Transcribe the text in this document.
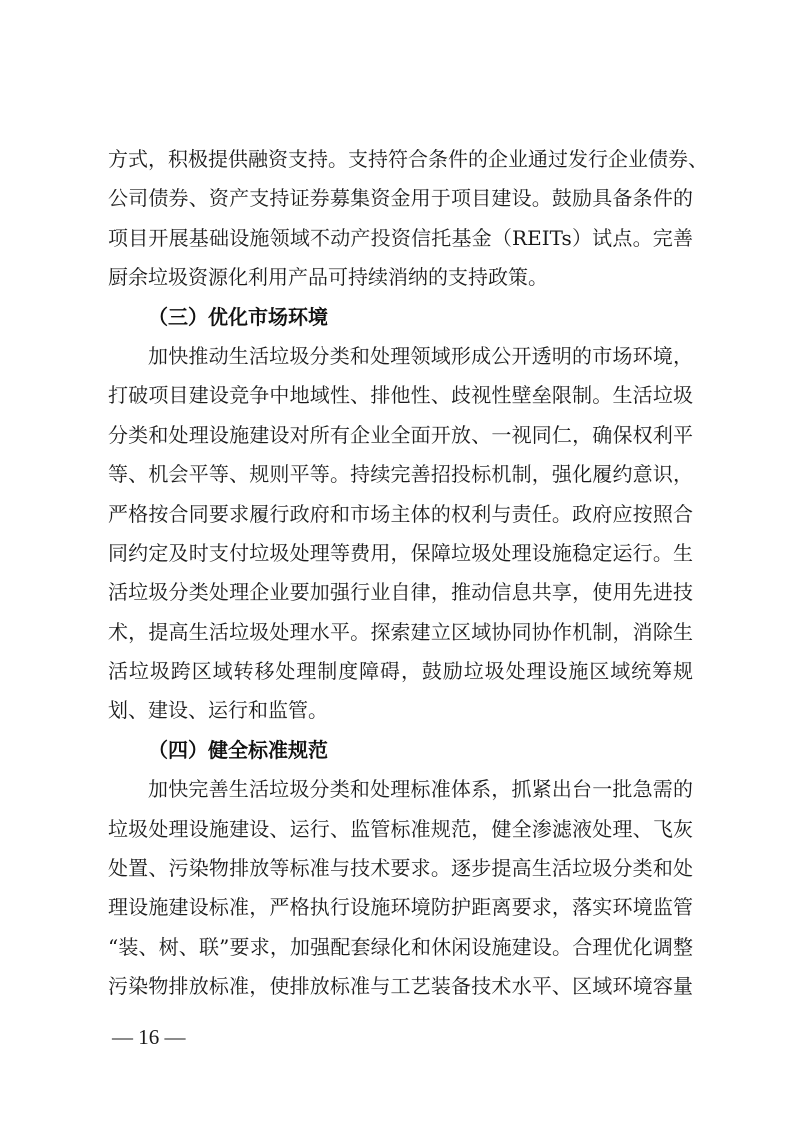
方式，积极提供融资支持。支持符合条件的企业通过发行企业债券、
公司债券、资产支持证券募集资金用于项目建设。鼓励具备条件的
项目开展基础设施领域不动产投资信托基金（REITs）试点。完善
厨余垃圾资源化利用产品可持续消纳的支持政策。
（三）优化市场环境
加快推动生活垃圾分类和处理领域形成公开透明的市场环境，
打破项目建设竞争中地域性、排他性、歧视性壁垒限制。生活垃圾
分类和处理设施建设对所有企业全面开放、一视同仁，确保权利平
等、机会平等、规则平等。持续完善招投标机制，强化履约意识，
严格按合同要求履行政府和市场主体的权利与责任。政府应按照合
同约定及时支付垃圾处理等费用，保障垃圾处理设施稳定运行。生
活垃圾分类处理企业要加强行业自律，推动信息共享，使用先进技
术，提高生活垃圾处理水平。探索建立区域协同协作机制，消除生
活垃圾跨区域转移处理制度障碍，鼓励垃圾处理设施区域统筹规
划、建设、运行和监管。
（四）健全标准规范
加快完善生活垃圾分类和处理标准体系，抓紧出台一批急需的
垃圾处理设施建设、运行、监管标准规范，健全渗滤液处理、飞灰
处置、污染物排放等标准与技术要求。逐步提高生活垃圾分类和处
理设施建设标准，严格执行设施环境防护距离要求，落实环境监管
“装、树、联”要求，加强配套绿化和休闲设施建设。合理优化调整
污染物排放标准，使排放标准与工艺装备技术水平、区域环境容量
— 16 —
